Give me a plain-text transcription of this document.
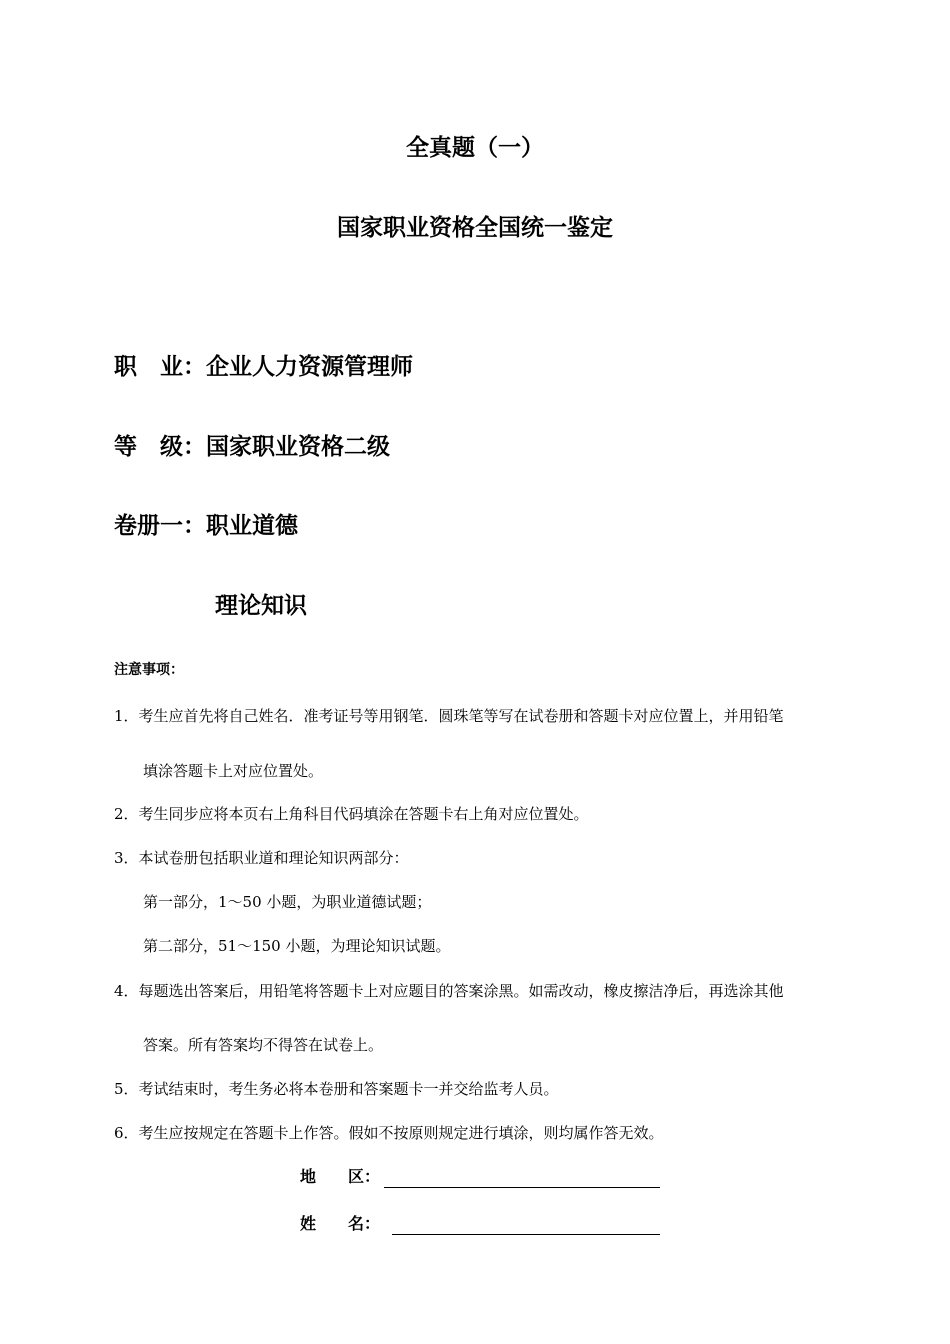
全真题（一）
国家职业资格全国统一鉴定
职　业：企业人力资源管理师
等　级：国家职业资格二级
卷册一：职业道德
理论知识
注意事项：
1．考生应首先将自己姓名．准考证号等用钢笔．圆珠笔等写在试卷册和答题卡对应位置上，并用铅笔
填涂答题卡上对应位置处。
2．考生同步应将本页右上角科目代码填涂在答题卡右上角对应位置处。
3．本试卷册包括职业道和理论知识两部分：
第一部分，1～50 小题，为职业道德试题；
第二部分，51～150 小题，为理论知识试题。
4．每题选出答案后，用铅笔将答题卡上对应题目的答案涂黑。如需改动，橡皮擦洁净后，再选涂其他
答案。所有答案均不得答在试卷上。
5．考试结束时，考生务必将本卷册和答案题卡一并交给监考人员。
6．考生应按规定在答题卡上作答。假如不按原则规定进行填涂，则均属作答无效。
地　　区：
姓　　名：
